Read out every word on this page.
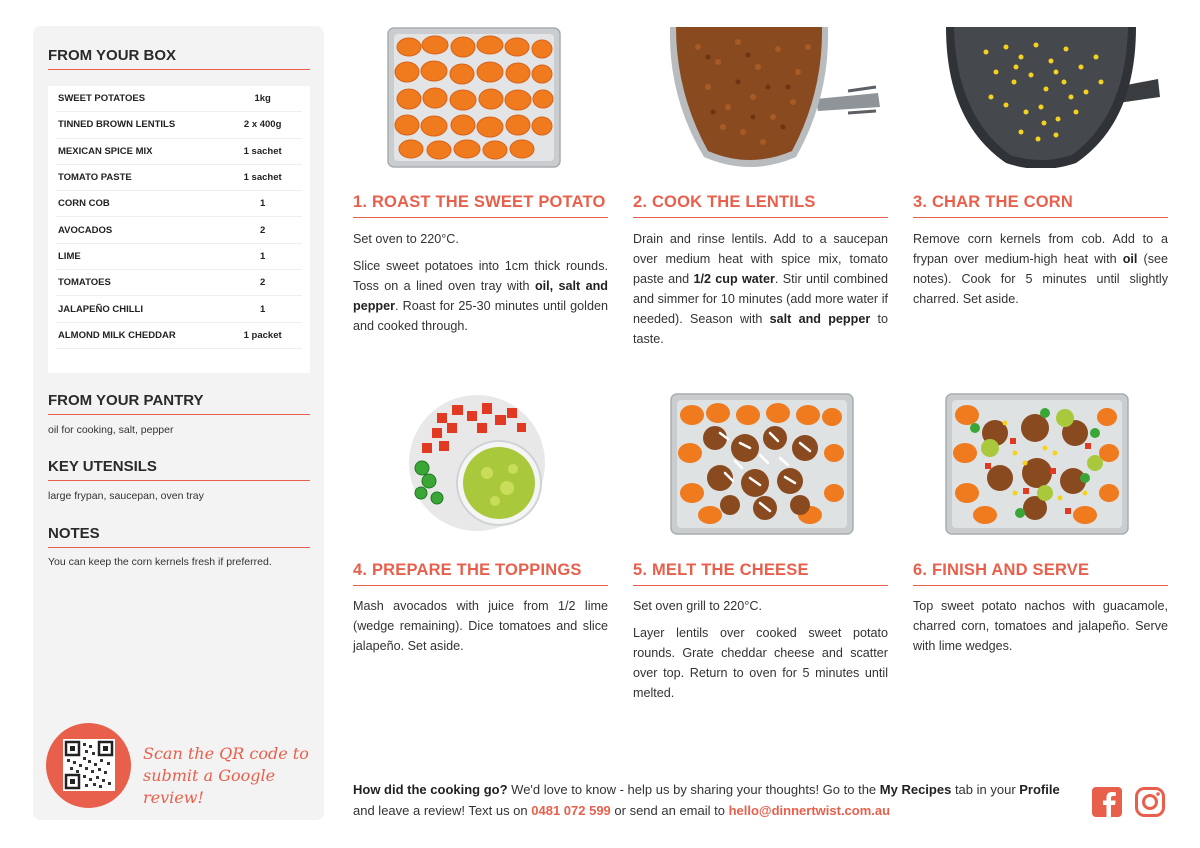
FROM YOUR BOX
SWEET POTATOES	1kg
TINNED BROWN LENTILS	2 x 400g
MEXICAN SPICE MIX	1 sachet
TOMATO PASTE	1 sachet
CORN COB	1
AVOCADOS	2
LIME	1
TOMATOES	2
JALAPEÑO CHILLI	1
ALMOND MILK CHEDDAR	1 packet
FROM YOUR PANTRY
oil for cooking, salt, pepper
KEY UTENSILS
large frypan, saucepan, oven tray
NOTES
You can keep the corn kernels fresh if preferred.
Scan the QR code to
submit a Google review!
1. ROAST THE SWEET POTATO

Set oven to 220°C.

Slice sweet potatoes into 1cm thick rounds. Toss on a lined oven tray with oil, salt and pepper. Roast for 25-30 minutes until golden and cooked through.

2. COOK THE LENTILS

Drain and rinse lentils. Add to a saucepan over medium heat with spice mix, tomato paste and 1/2 cup water. Stir until combined and simmer for 10 minutes (add more water if needed). Season with salt and pepper to taste.

3. CHAR THE CORN

Remove corn kernels from cob. Add to a frypan over medium-high heat with oil (see notes). Cook for 5 minutes until slightly charred. Set aside.

4. PREPARE THE TOPPINGS

Mash avocados with juice from 1/2 lime (wedge remaining). Dice tomatoes and slice jalapeño. Set aside.

5. MELT THE CHEESE

Set oven grill to 220°C.

Layer lentils over cooked sweet potato rounds. Grate cheddar cheese and scatter over top. Return to oven for 5 minutes until melted.

6. FINISH AND SERVE

Top sweet potato nachos with guacamole, charred corn, tomatoes and jalapeño. Serve with lime wedges.

How did the cooking go? We'd love to know - help us by sharing your thoughts! Go to the My Recipes tab in your Profile and leave a review! Text us on 0481 072 599 or send an email to hello@dinnertwist.com.au
